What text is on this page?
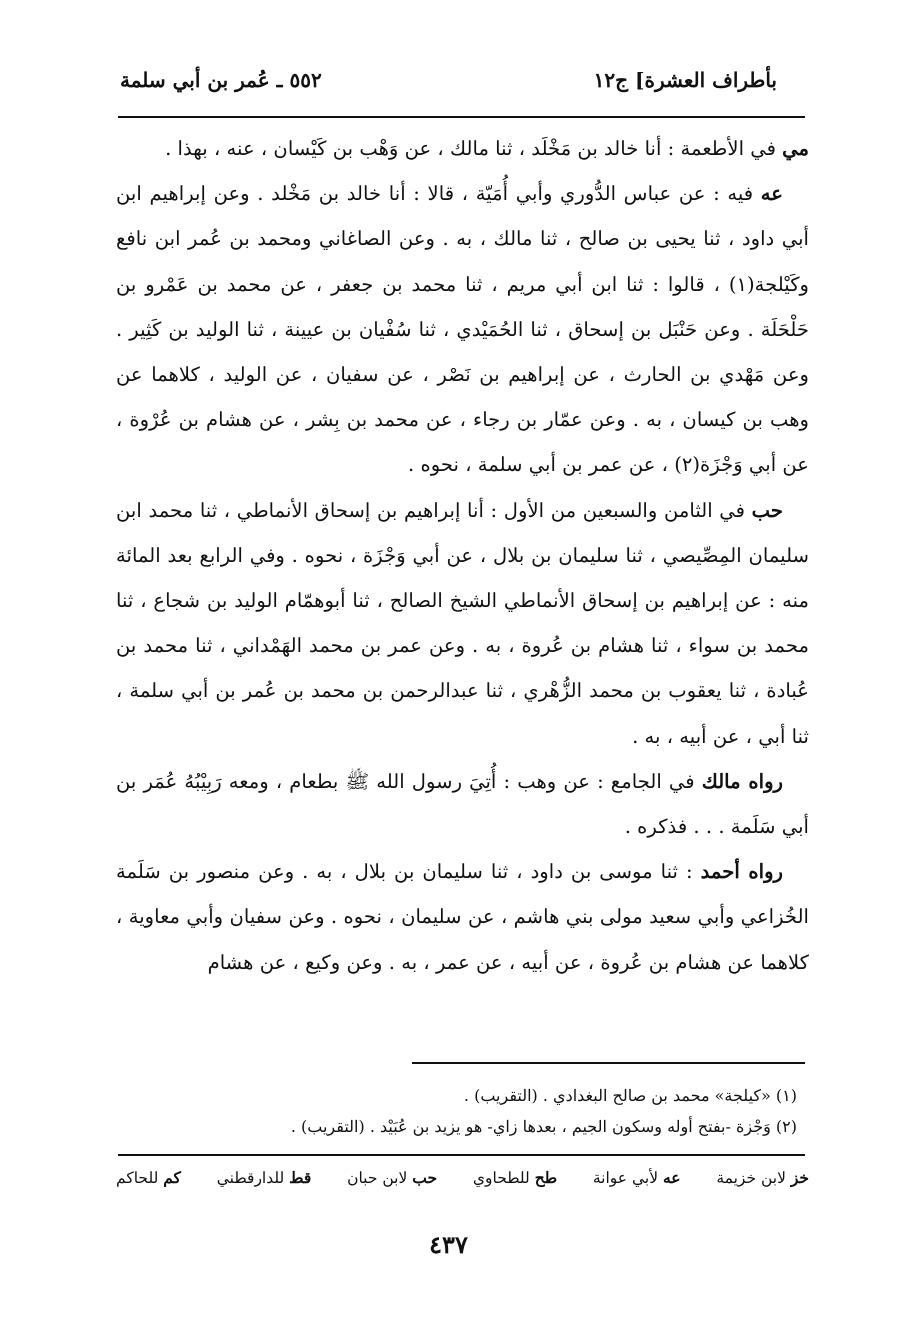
بأطراف العشرة] ج١٢
٥٥٢ ـ عُمر بن أبي سلمة

مي في الأطعمة : أنا خالد بن مَخْلَد ، ثنا مالك ، عن وَهْب بن كَيْسان ، عنه ، بهذا .

عه فيه : عن عباس الدُّوري وأبي أُمَيّة ، قالا : أنا خالد بن مَخْلد . وعن إبراهيم ابن أبي داود ، ثنا يحيى بن صالح ، ثنا مالك ، به . وعن الصاغاني ومحمد بن عُمر ابن نافع وكَيْلجة(١) ، قالوا : ثنا ابن أبي مريم ، ثنا محمد بن جعفر ، عن محمد بن عَمْرو بن حَلْحَلَة . وعن حَنْبَل بن إسحاق ، ثنا الحُمَيْدي ، ثنا سُفْيان بن عيينة ، ثنا الوليد بن كَثِير . وعن مَهْدي بن الحارث ، عن إبراهيم بن نَصْر ، عن سفيان ، عن الوليد ، كلاهما عن وهب بن كيسان ، به . وعن عمّار بن رجاء ، عن محمد بن بِشر ، عن هشام بن عُرْوة ، عن أبي وَجْزَة(٢) ، عن عمر بن أبي سلمة ، نحوه .

حب في الثامن والسبعين من الأول : أنا إبراهيم بن إسحاق الأنماطي ، ثنا محمد ابن سليمان المِصِّيصي ، ثنا سليمان بن بلال ، عن أبي وَجْزَة ، نحوه . وفي الرابع بعد المائة منه : عن إبراهيم بن إسحاق الأنماطي الشيخ الصالح ، ثنا أبوهمّام الوليد بن شجاع ، ثنا محمد بن سواء ، ثنا هشام بن عُروة ، به . وعن عمر بن محمد الهَمْداني ، ثنا محمد بن عُبادة ، ثنا يعقوب بن محمد الزُّهْري ، ثنا عبدالرحمن بن محمد بن عُمر بن أبي سلمة ، ثنا أبي ، عن أبيه ، به .

رواه مالك في الجامع : عن وهب : أُتِيَ رسول الله ﷺ بطعام ، ومعه رَبِيْبُهُ عُمَر بن أبي سَلَمة . . . فذكره .

رواه أحمد : ثنا موسى بن داود ، ثنا سليمان بن بلال ، به . وعن منصور بن سَلَمة الخُزاعي وأبي سعيد مولى بني هاشم ، عن سليمان ، نحوه . وعن سفيان وأبي معاوية ، كلاهما عن هشام بن عُروة ، عن أبيه ، عن عمر ، به . وعن وكيع ، عن هشام

(١) «كيلجة» محمد بن صالح البغدادي . (التقريب) .

(٢) وَجْزة -بفتح أوله وسكون الجيم ، بعدها زاي- هو يزيد بن عُبَيْد . (التقريب) .

خز لابن خزيمة
عه لأبي عوانة
طح للطحاوي
حب لابن حبان
قط للدارقطني
كم للحاكم
٤٣٧
